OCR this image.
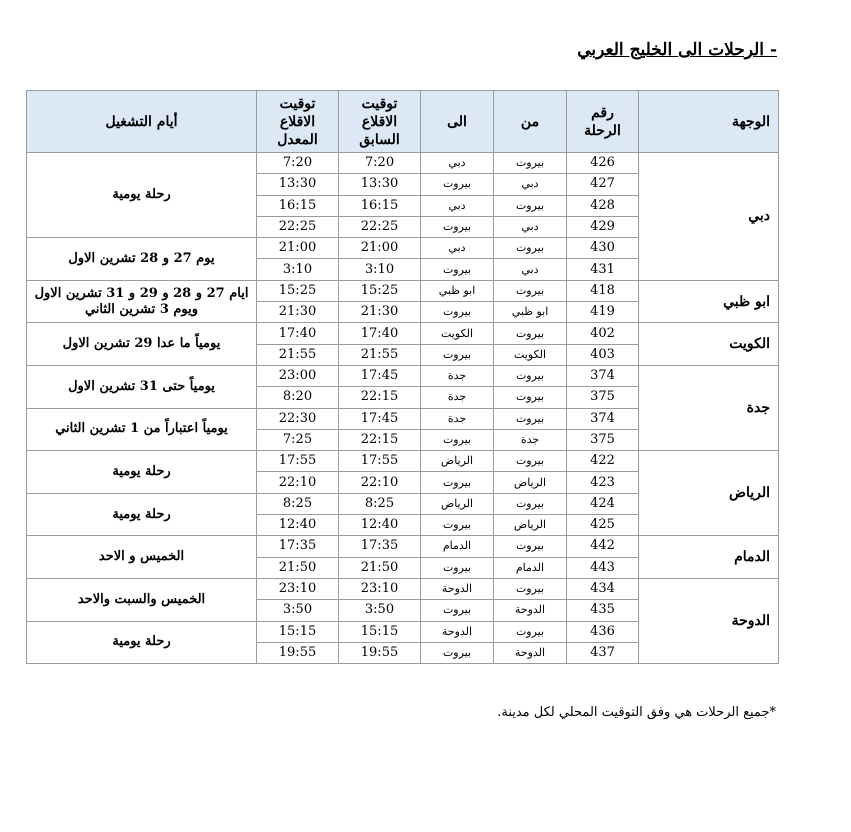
- الرحلات الى الخليج العربي
الوجهة	رقم الرحلة	من	الى	توقيت الاقلاع السابق	توقيت الاقلاع المعدل	أيام التشغيل
دبي	426	بيروت	دبي	7:20	7:20	رحلة يومية
	427	دبي	بيروت	13:30	13:30	
	428	بيروت	دبي	16:15	16:15	
	429	دبي	بيروت	22:25	22:25	
	430	بيروت	دبي	21:00	21:00	يوم 27 و 28 تشرين الاول
	431	دبي	بيروت	3:10	3:10	
ابو ظبي	418	بيروت	ابو ظبي	15:25	15:25	ايام 27 و 28 و 29 و 31 تشرين الاول ويوم 3 تشرين الثاني
	419	ابو ظبي	بيروت	21:30	21:30	
الكويت	402	بيروت	الكويت	17:40	17:40	يومياً ما عدا 29 تشرين الاول
	403	الكويت	بيروت	21:55	21:55	
جدة	374	بيروت	جدة	17:45	23:00	يومياً حتى 31 تشرين الاول
	375	بيروت	جدة	22:15	8:20	
	374	بيروت	جدة	17:45	22:30	يومياً اعتباراً من 1 تشرين الثاني
	375	جدة	بيروت	22:15	7:25	
الرياض	422	بيروت	الرياض	17:55	17:55	رحلة يومية
	423	الرياض	بيروت	22:10	22:10	
	424	بيروت	الرياض	8:25	8:25	رحلة يومية
	425	الرياض	بيروت	12:40	12:40	
الدمام	442	بيروت	الدمام	17:35	17:35	الخميس و الاحد
	443	الدمام	بيروت	21:50	21:50	
الدوحة	434	بيروت	الدوحة	23:10	23:10	الخميس والسبت والاحد
	435	الدوحة	بيروت	3:50	3:50	
	436	بيروت	الدوحة	15:15	15:15	رحلة يومية
	437	الدوحة	بيروت	19:55	19:55	

*جميع الرحلات هي وفق التوقيت المحلي لكل مدينة.
